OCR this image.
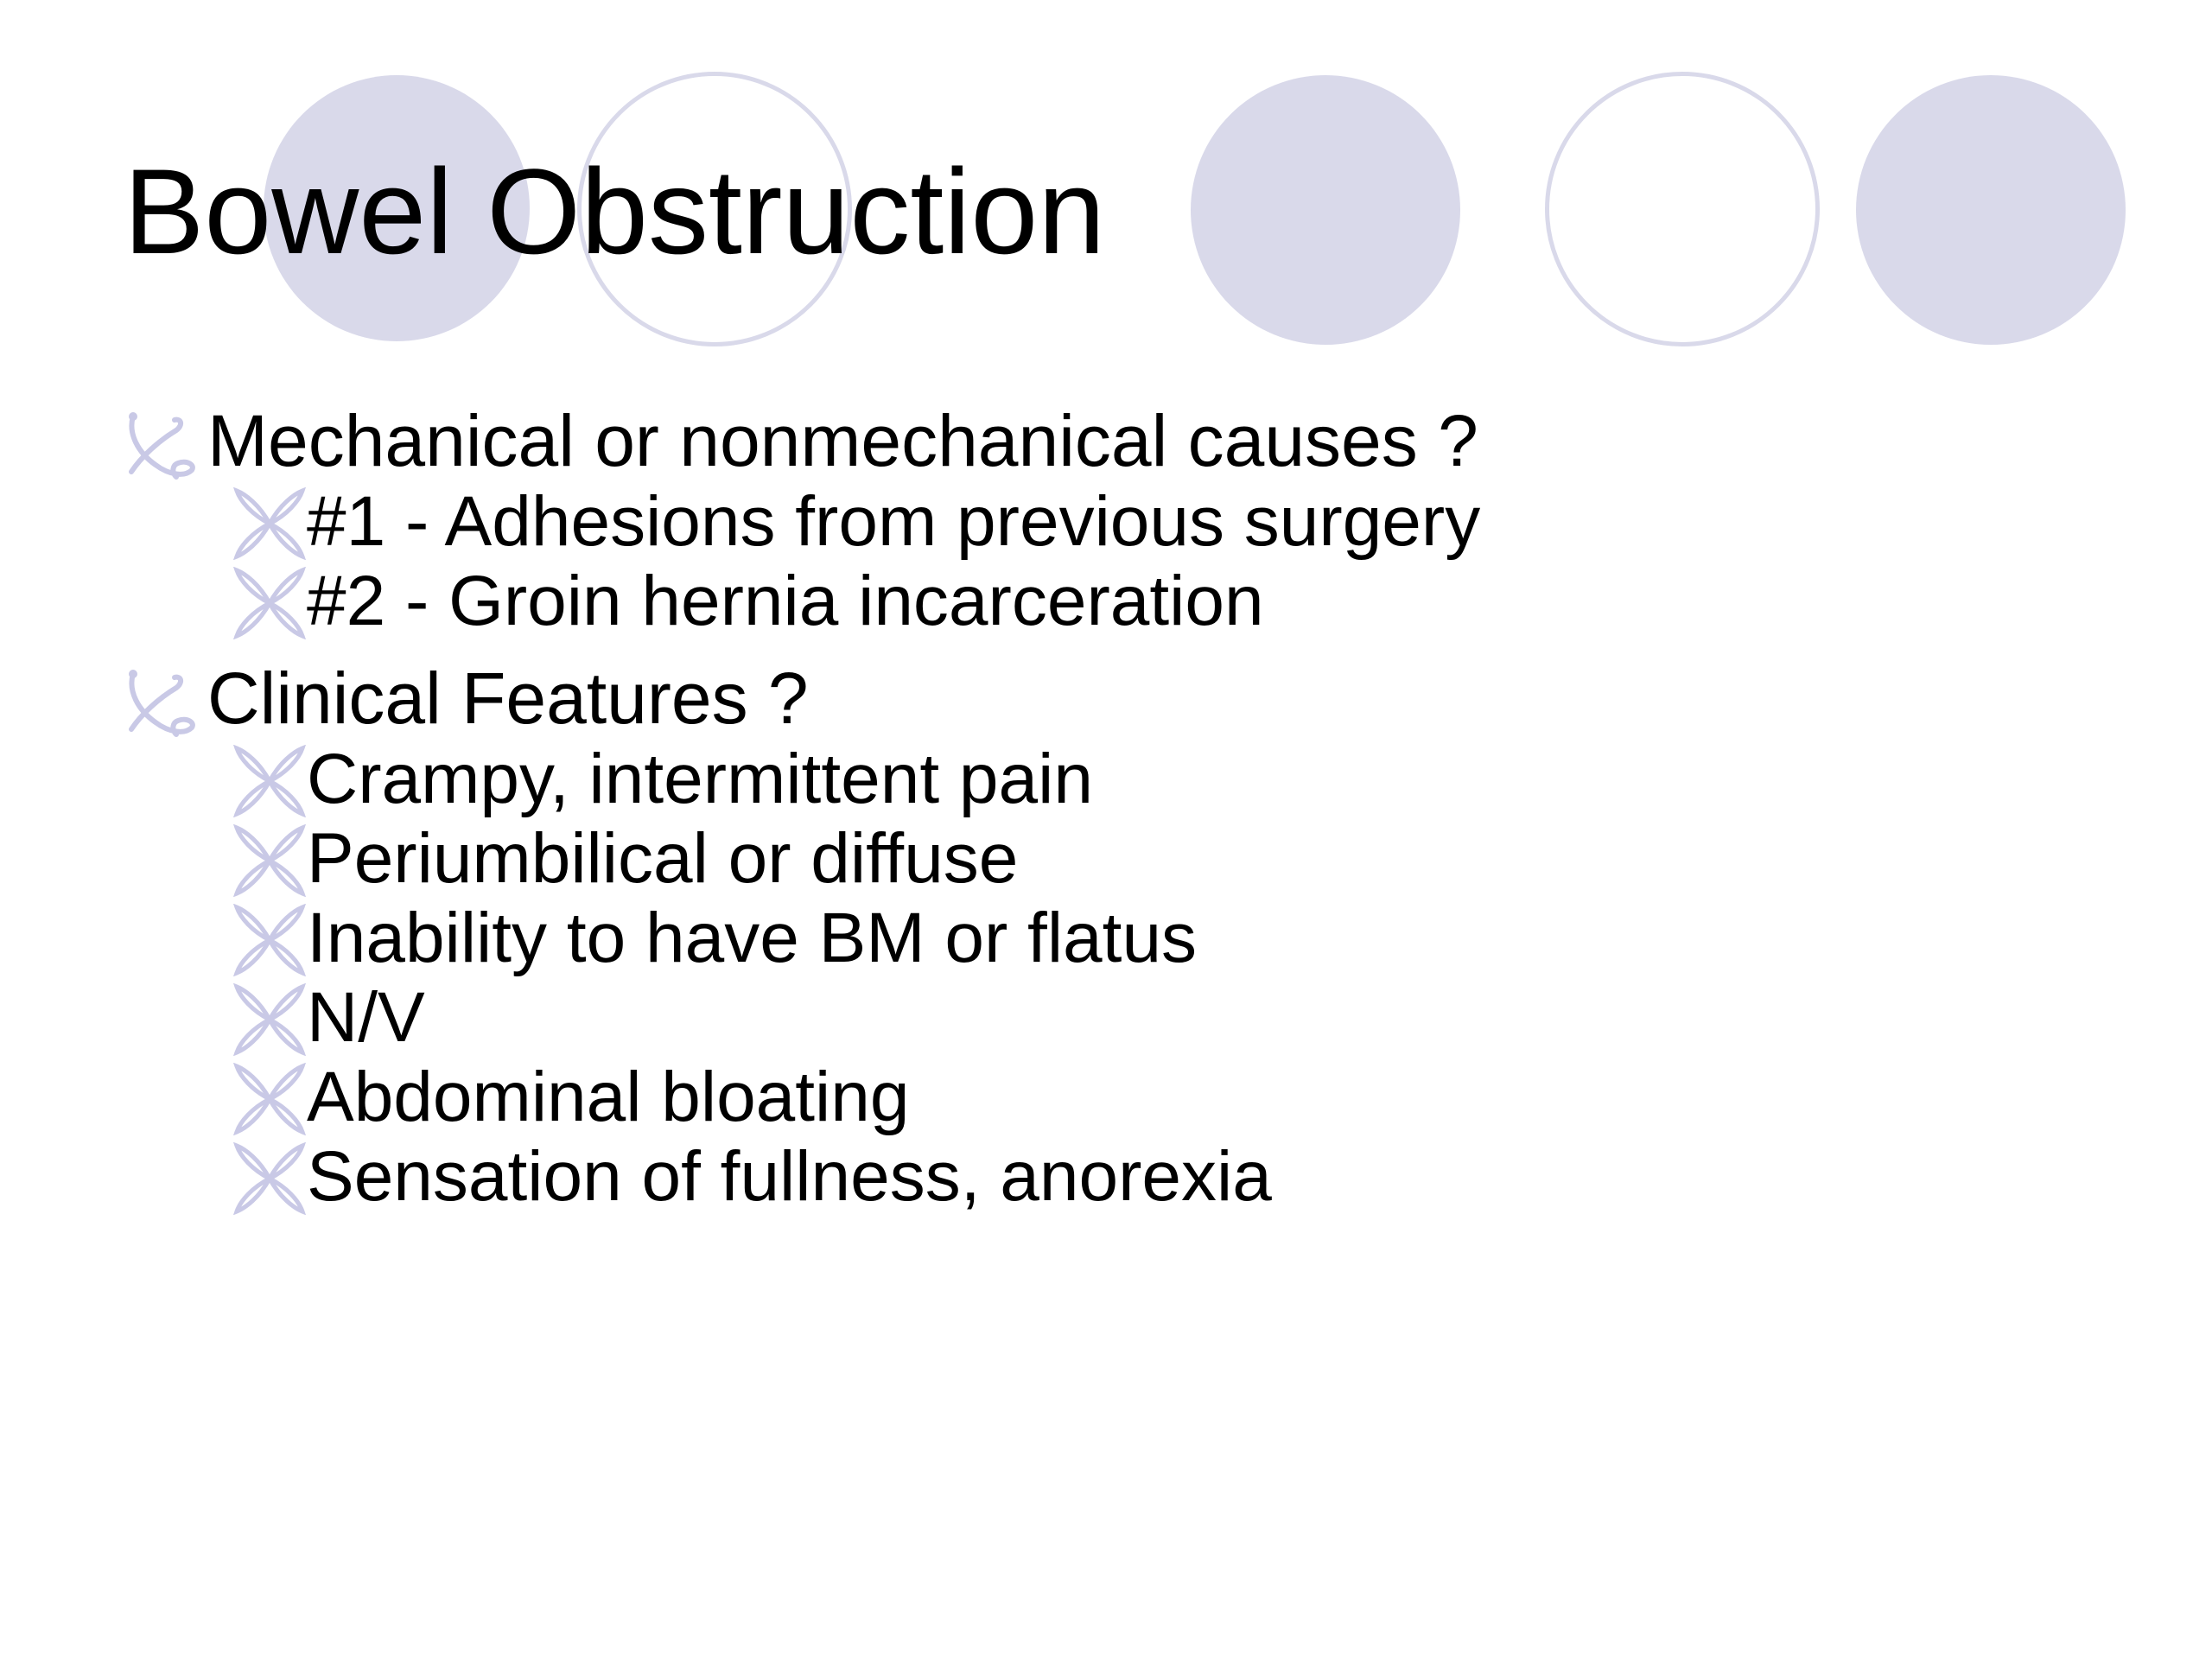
Bowel Obstruction
Mechanical or nonmechanical causes ?
#1 - Adhesions from previous surgery
#2 - Groin hernia incarceration
Clinical Features ?
Crampy, intermittent pain
Periumbilical or diffuse
Inability to have BM or flatus
N/V
Abdominal bloating
Sensation of fullness, anorexia
